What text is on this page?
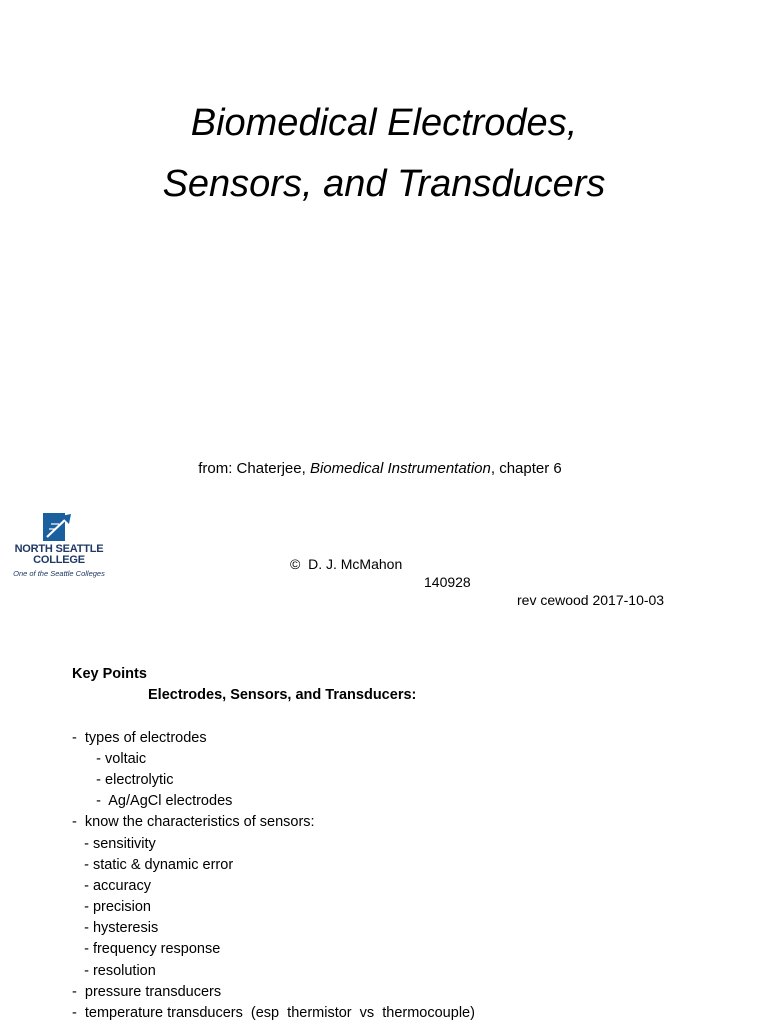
Biomedical Electrodes,
Sensors, and Transducers
from: Chaterjee, Biomedical Instrumentation, chapter 6
NORTH SEATTLE
COLLEGE
One of the Seattle Colleges

©  D. J. McMahon

140928

rev cewood 2017-10-03

Key Points
Electrodes, Sensors, and Transducers:
-  types of electrodes
- voltaic
- electrolytic
-  Ag/AgCl electrodes
-  know the characteristics of sensors:
- sensitivity
- static & dynamic error
- accuracy
- precision
- hysteresis
- frequency response
- resolution
-  pressure transducers
-  temperature transducers  (esp  thermistor  vs  thermocouple)
